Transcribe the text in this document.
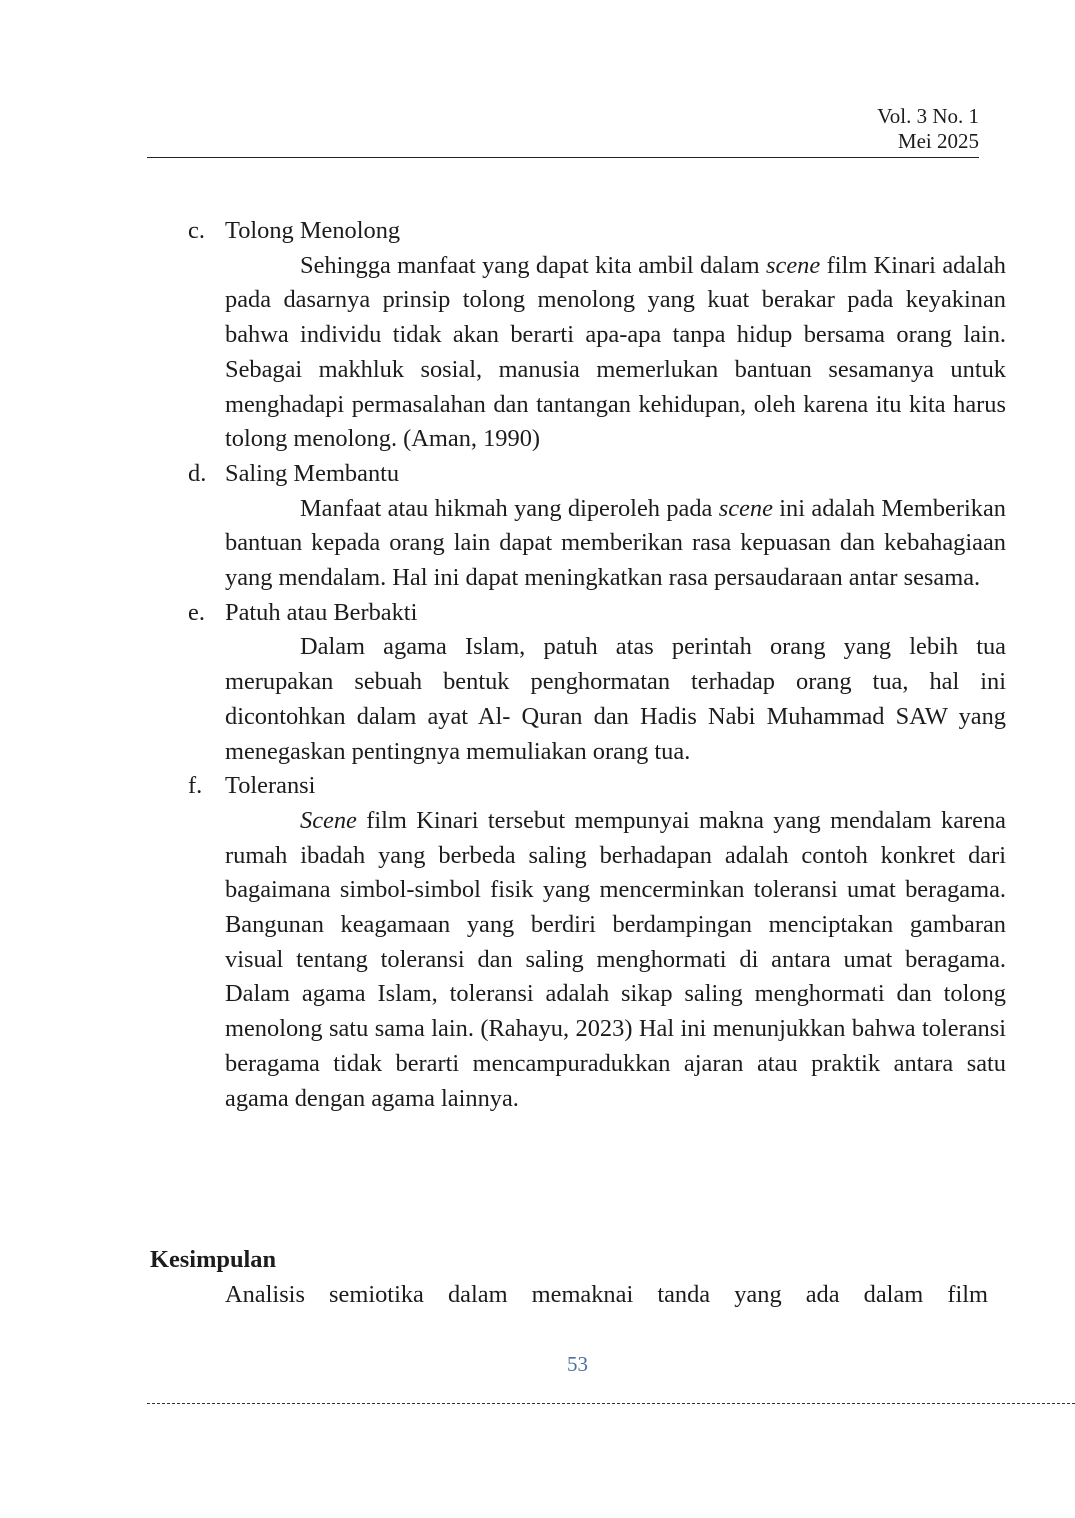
Vol. 3 No. 1
Mei 2025
c. Tolong Menolong

Sehingga manfaat yang dapat kita ambil dalam scene film Kinari adalah pada dasarnya prinsip tolong menolong yang kuat berakar pada keyakinan bahwa individu tidak akan berarti apa-apa tanpa hidup bersama orang lain. Sebagai makhluk sosial, manusia memerlukan bantuan sesamanya untuk menghadapi permasalahan dan tantangan kehidupan, oleh karena itu kita harus tolong menolong. (Aman, 1990)

d. Saling Membantu

Manfaat atau hikmah yang diperoleh pada scene ini adalah Memberikan bantuan kepada orang lain dapat memberikan rasa kepuasan dan kebahagiaan yang mendalam. Hal ini dapat meningkatkan rasa persaudaraan antar sesama.

e. Patuh atau Berbakti

Dalam agama Islam, patuh atas perintah orang yang lebih tua merupakan sebuah bentuk penghormatan terhadap orang tua, hal ini dicontohkan dalam ayat Al- Quran dan Hadis Nabi Muhammad SAW yang menegaskan pentingnya memuliakan orang tua.

f. Toleransi

Scene film Kinari tersebut mempunyai makna yang mendalam karena rumah ibadah yang berbeda saling berhadapan adalah contoh konkret dari bagaimana simbol-simbol fisik yang mencerminkan toleransi umat beragama. Bangunan keagamaan yang berdiri berdampingan menciptakan gambaran visual tentang toleransi dan saling menghormati di antara umat beragama. Dalam agama Islam, toleransi adalah sikap saling menghormati dan tolong menolong satu sama lain. (Rahayu, 2023) Hal ini menunjukkan bahwa toleransi beragama tidak berarti mencampuradukkan ajaran atau praktik antara satu agama dengan agama lainnya.

Kesimpulan

Analisis semiotika dalam memaknai tanda yang ada dalam film

53
